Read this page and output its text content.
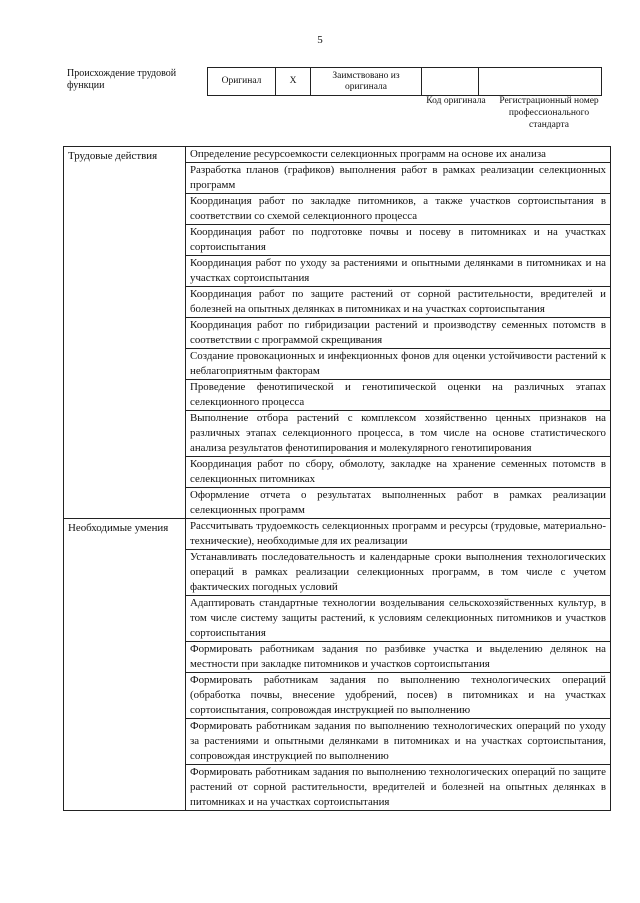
5
Происхождение трудовой функции	Оригинал	X	Заимствовано из оригинала		
Код оригинала	Регистрационный номер профессионального стандарта
Трудовые действия	Определение ресурсоемкости селекционных программ на основе их анализа
	Разработка планов (графиков) выполнения работ в рамках реализации селекционных программ
	Координация работ по закладке питомников, а также участков сортоиспытания в соответствии со схемой селекционного процесса
	Координация работ по подготовке почвы и посеву в питомниках и на участках сортоиспытания
	Координация работ по уходу за растениями и опытными делянками в питомниках и на участках сортоиспытания
	Координация работ по защите растений от сорной растительности, вредителей и болезней на опытных делянках в питомниках и на участках сортоиспытания
	Координация работ по гибридизации растений и производству семенных потомств в соответствии с программой скрещивания
	Создание провокационных и инфекционных фонов для оценки устойчивости растений к неблагоприятным факторам
	Проведение фенотипической и генотипической оценки на различных этапах селекционного процесса
	Выполнение отбора растений с комплексом хозяйственно ценных признаков на различных этапах селекционного процесса, в том числе на основе статистического анализа результатов фенотипирования и молекулярного генотипирования
	Координация работ по сбору, обмолоту, закладке на хранение семенных потомств в селекционных питомниках
	Оформление отчета о результатах выполненных работ в рамках реализации селекционных программ

Необходимые умения	Рассчитывать трудоемкость селекционных программ и ресурсы (трудовые, материально-технические), необходимые для их реализации
	Устанавливать последовательность и календарные сроки выполнения технологических операций в рамках реализации селекционных программ, в том числе с учетом фактических погодных условий
	Адаптировать стандартные технологии возделывания сельскохозяйственных культур, в том числе систему защиты растений, к условиям селекционных питомников и участков сортоиспытания
	Формировать работникам задания по разбивке участка и выделению делянок на местности при закладке питомников и участков сортоиспытания
	Формировать работникам задания по выполнению технологических операций (обработка почвы, внесение удобрений, посев) в питомниках и на участках сортоиспытания, сопровождая инструкцией по выполнению
	Формировать работникам задания по выполнению технологических операций по уходу за растениями и опытными делянками в питомниках и на участках сортоиспытания, сопровождая инструкцией по выполнению
	Формировать работникам задания по выполнению технологических операций по защите растений от сорной растительности, вредителей и болезней на опытных делянках в питомниках и на участках сортоиспытания
